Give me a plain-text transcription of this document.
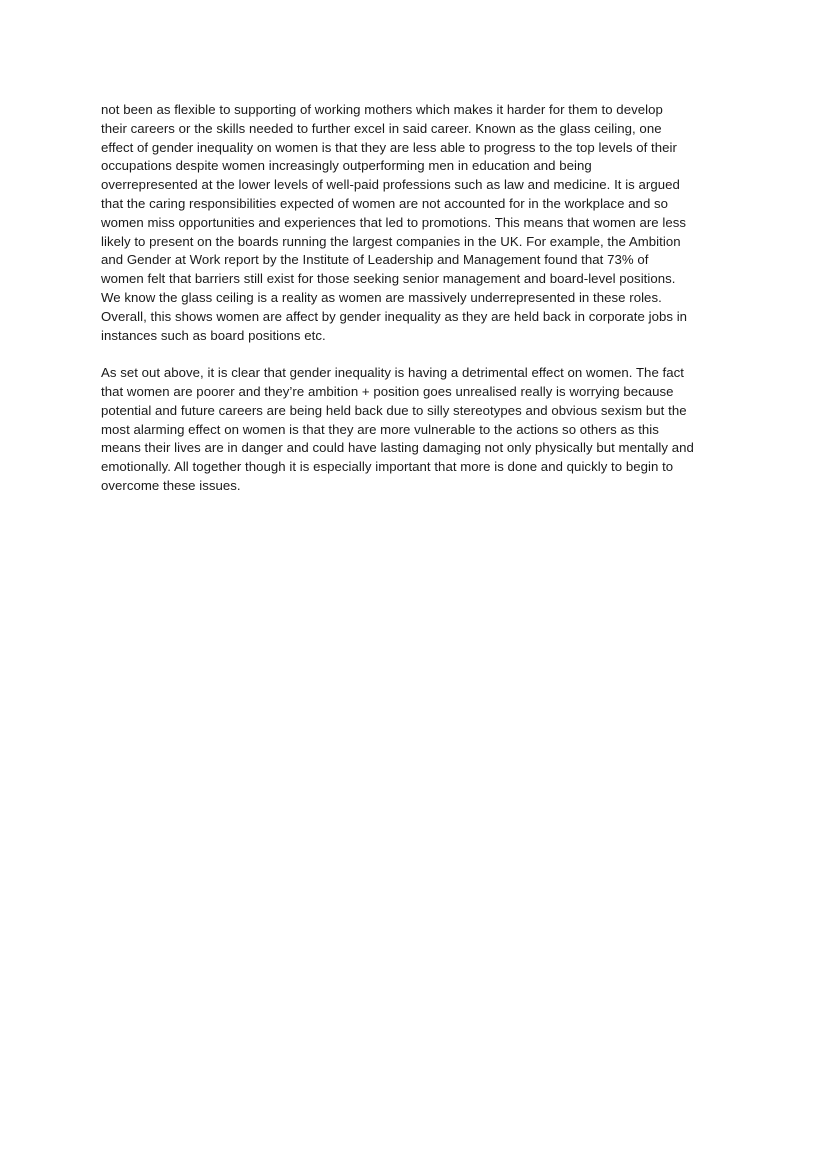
not been as flexible to supporting of working mothers which makes it harder for them to develop
their careers or the skills needed to further excel in said career. Known as the glass ceiling, one
effect of gender inequality on women is that they are less able to progress to the top levels of their
occupations despite women increasingly outperforming men in education and being
overrepresented at the lower levels of well-paid professions such as law and medicine. It is argued
that the caring responsibilities expected of women are not accounted for in the workplace and so
women miss opportunities and experiences that led to promotions. This means that women are less
likely to present on the boards running the largest companies in the UK. For example, the Ambition
and Gender at Work report by the Institute of Leadership and Management found that 73% of
women felt that barriers still exist for those seeking senior management and board-level positions.
We know the glass ceiling is a reality as women are massively underrepresented in these roles.
Overall, this shows women are affect by gender inequality as they are held back in corporate jobs in
instances such as board positions etc.

As set out above, it is clear that gender inequality is having a detrimental effect on women. The fact
that women are poorer and they’re ambition + position goes unrealised really is worrying because
potential and future careers are being held back due to silly stereotypes and obvious sexism but the
most alarming effect on women is that they are more vulnerable to the actions so others as this
means their lives are in danger and could have lasting damaging not only physically but mentally and
emotionally. All together though it is especially important that more is done and quickly to begin to
overcome these issues.
